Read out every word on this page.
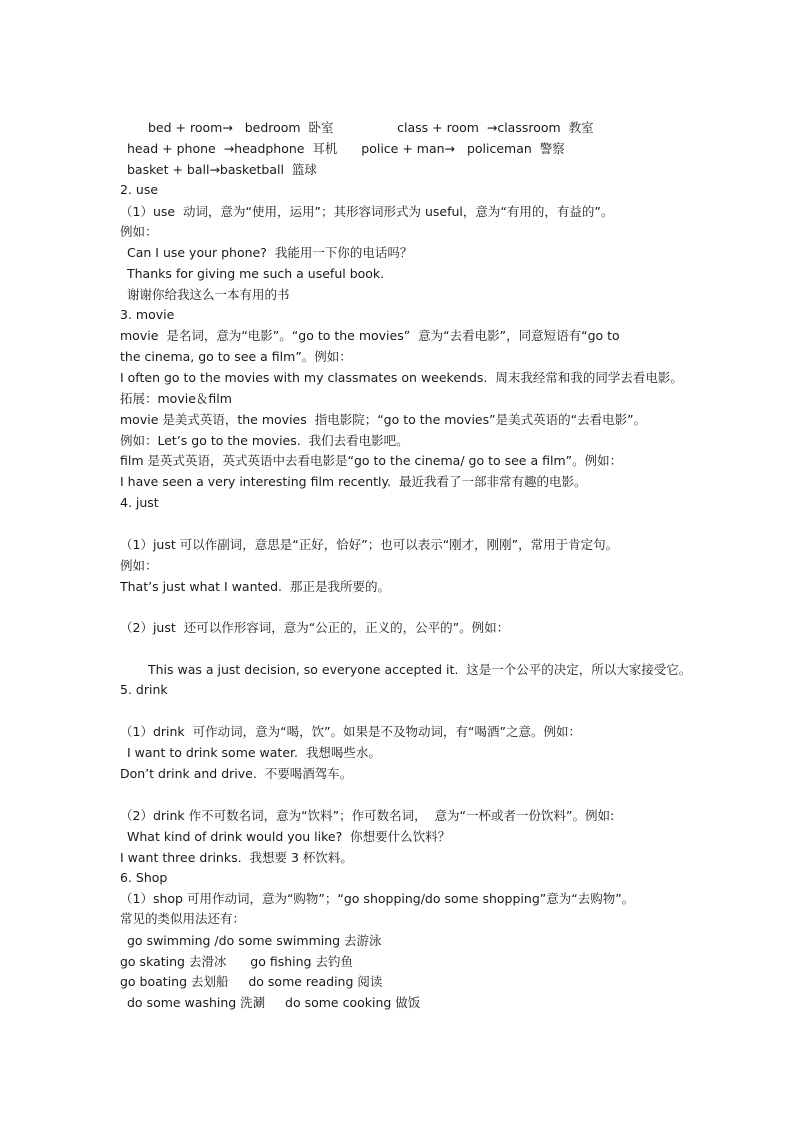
bed + room→   bedroom  卧室                class + room  →classroom  教室

head + phone  →headphone  耳机      police + man→   policeman  警察

basket + ball→basketball  篮球

2. use

（1）use  动词，意为“使用，运用”；其形容词形式为 useful，意为“有用的，有益的”。

例如：

Can I use your phone?  我能用一下你的电话吗？

Thanks for giving me such a useful book.

谢谢你给我这么一本有用的书

3. movie

movie  是名词，意为“电影”。“go to the movies”  意为“去看电影”，同意短语有“go to

the cinema, go to see a film”。例如：

I often go to the movies with my classmates on weekends.  周末我经常和我的同学去看电影。

拓展：movie＆film

movie 是美式英语，the movies  指电影院；“go to the movies”是美式英语的“去看电影”。

例如：Let’s go to the movies.  我们去看电影吧。

film 是英式英语，英式英语中去看电影是“go to the cinema/ go to see a film”。例如：

I have seen a very interesting film recently.  最近我看了一部非常有趣的电影。

4. just

（1）just 可以作副词，意思是“正好，恰好”；也可以表示“刚才，刚刚”，常用于肯定句。

例如：

That’s just what I wanted.  那正是我所要的。

（2）just  还可以作形容词，意为“公正的，正义的，公平的”。例如：

This was a just decision, so everyone accepted it.  这是一个公平的决定，所以大家接受它。

5. drink

（1）drink  可作动词，意为“喝，饮”。如果是不及物动词，有“喝酒”之意。例如：

I want to drink some water.  我想喝些水。

Don’t drink and drive.  不要喝酒驾车。

（2）drink 作不可数名词，意为“饮料”；作可数名词，  意为“一杯或者一份饮料”。例如:

What kind of drink would you like?  你想要什么饮料？

I want three drinks.  我想要 3 杯饮料。

6. Shop

（1）shop 可用作动词，意为“购物”；“go shopping/do some shopping”意为“去购物”。

常见的类似用法还有：

go swimming /do some swimming 去游泳

go skating 去滑冰      go fishing 去钓鱼

go boating 去划船     do some reading 阅读

do some washing 洗涮     do some cooking 做饭
